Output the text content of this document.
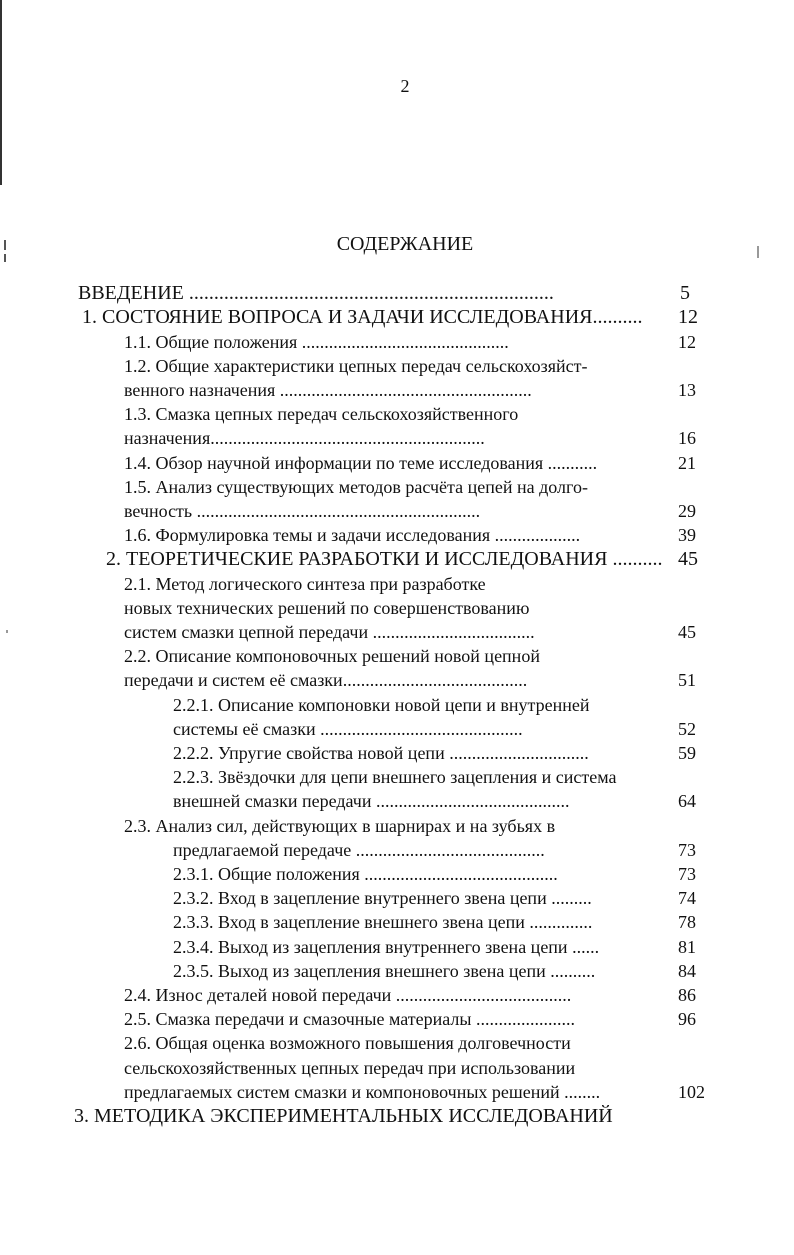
2
СОДЕРЖАНИЕ
ВВЕДЕНИЕ .........................................................................	5
1. СОСТОЯНИЕ ВОПРОСА И ЗАДАЧИ ИССЛЕДОВАНИЯ.......... 12
1.1. Общие положения ..............................................	12
1.2. Общие характеристики цепных передач сельскохозяйст-
венного назначения ........................................................	13
1.3. Смазка цепных передач сельскохозяйственного
назначения.............................................................	16
1.4. Обзор научной информации по теме исследования ...........	21
1.5. Анализ существующих методов расчёта цепей на долго-
вечность ...............................................................	29
1.6. Формулировка темы и задачи исследования ...................	39
2. ТЕОРЕТИЧЕСКИЕ РАЗРАБОТКИ И ИССЛЕДОВАНИЯ .......... 45
2.1. Метод логического синтеза при разработке
новых технических решений по совершенствованию
систем смазки цепной передачи ....................................	45
2.2. Описание компоновочных решений новой цепной
передачи и систем её смазки.........................................	51
2.2.1. Описание компоновки новой цепи и внутренней
системы её смазки .............................................	52
2.2.2. Упругие свойства новой цепи ...............................	59
2.2.3. Звёздочки для цепи внешнего зацепления и система
внешней смазки передачи ...........................................	64
2.3. Анализ сил, действующих в шарнирах и на зубьях в
предлагаемой передаче ..........................................	73
2.3.1. Общие положения ...........................................	73
2.3.2. Вход в зацепление внутреннего звена цепи .........	74
2.3.3. Вход в зацепление внешнего звена цепи ..............	78
2.3.4. Выход из зацепления внутреннего звена цепи ......	81
2.3.5. Выход из зацепления внешнего звена цепи ..........	84
2.4. Износ деталей новой передачи .......................................	86
2.5. Смазка передачи и смазочные материалы ......................	96
2.6. Общая оценка возможного повышения долговечности
сельскохозяйственных цепных передач при использовании
предлагаемых систем смазки и компоновочных решений ........	102
3. МЕТОДИКА ЭКСПЕРИМЕНТАЛЬНЫХ ИССЛЕДОВАНИЙ
